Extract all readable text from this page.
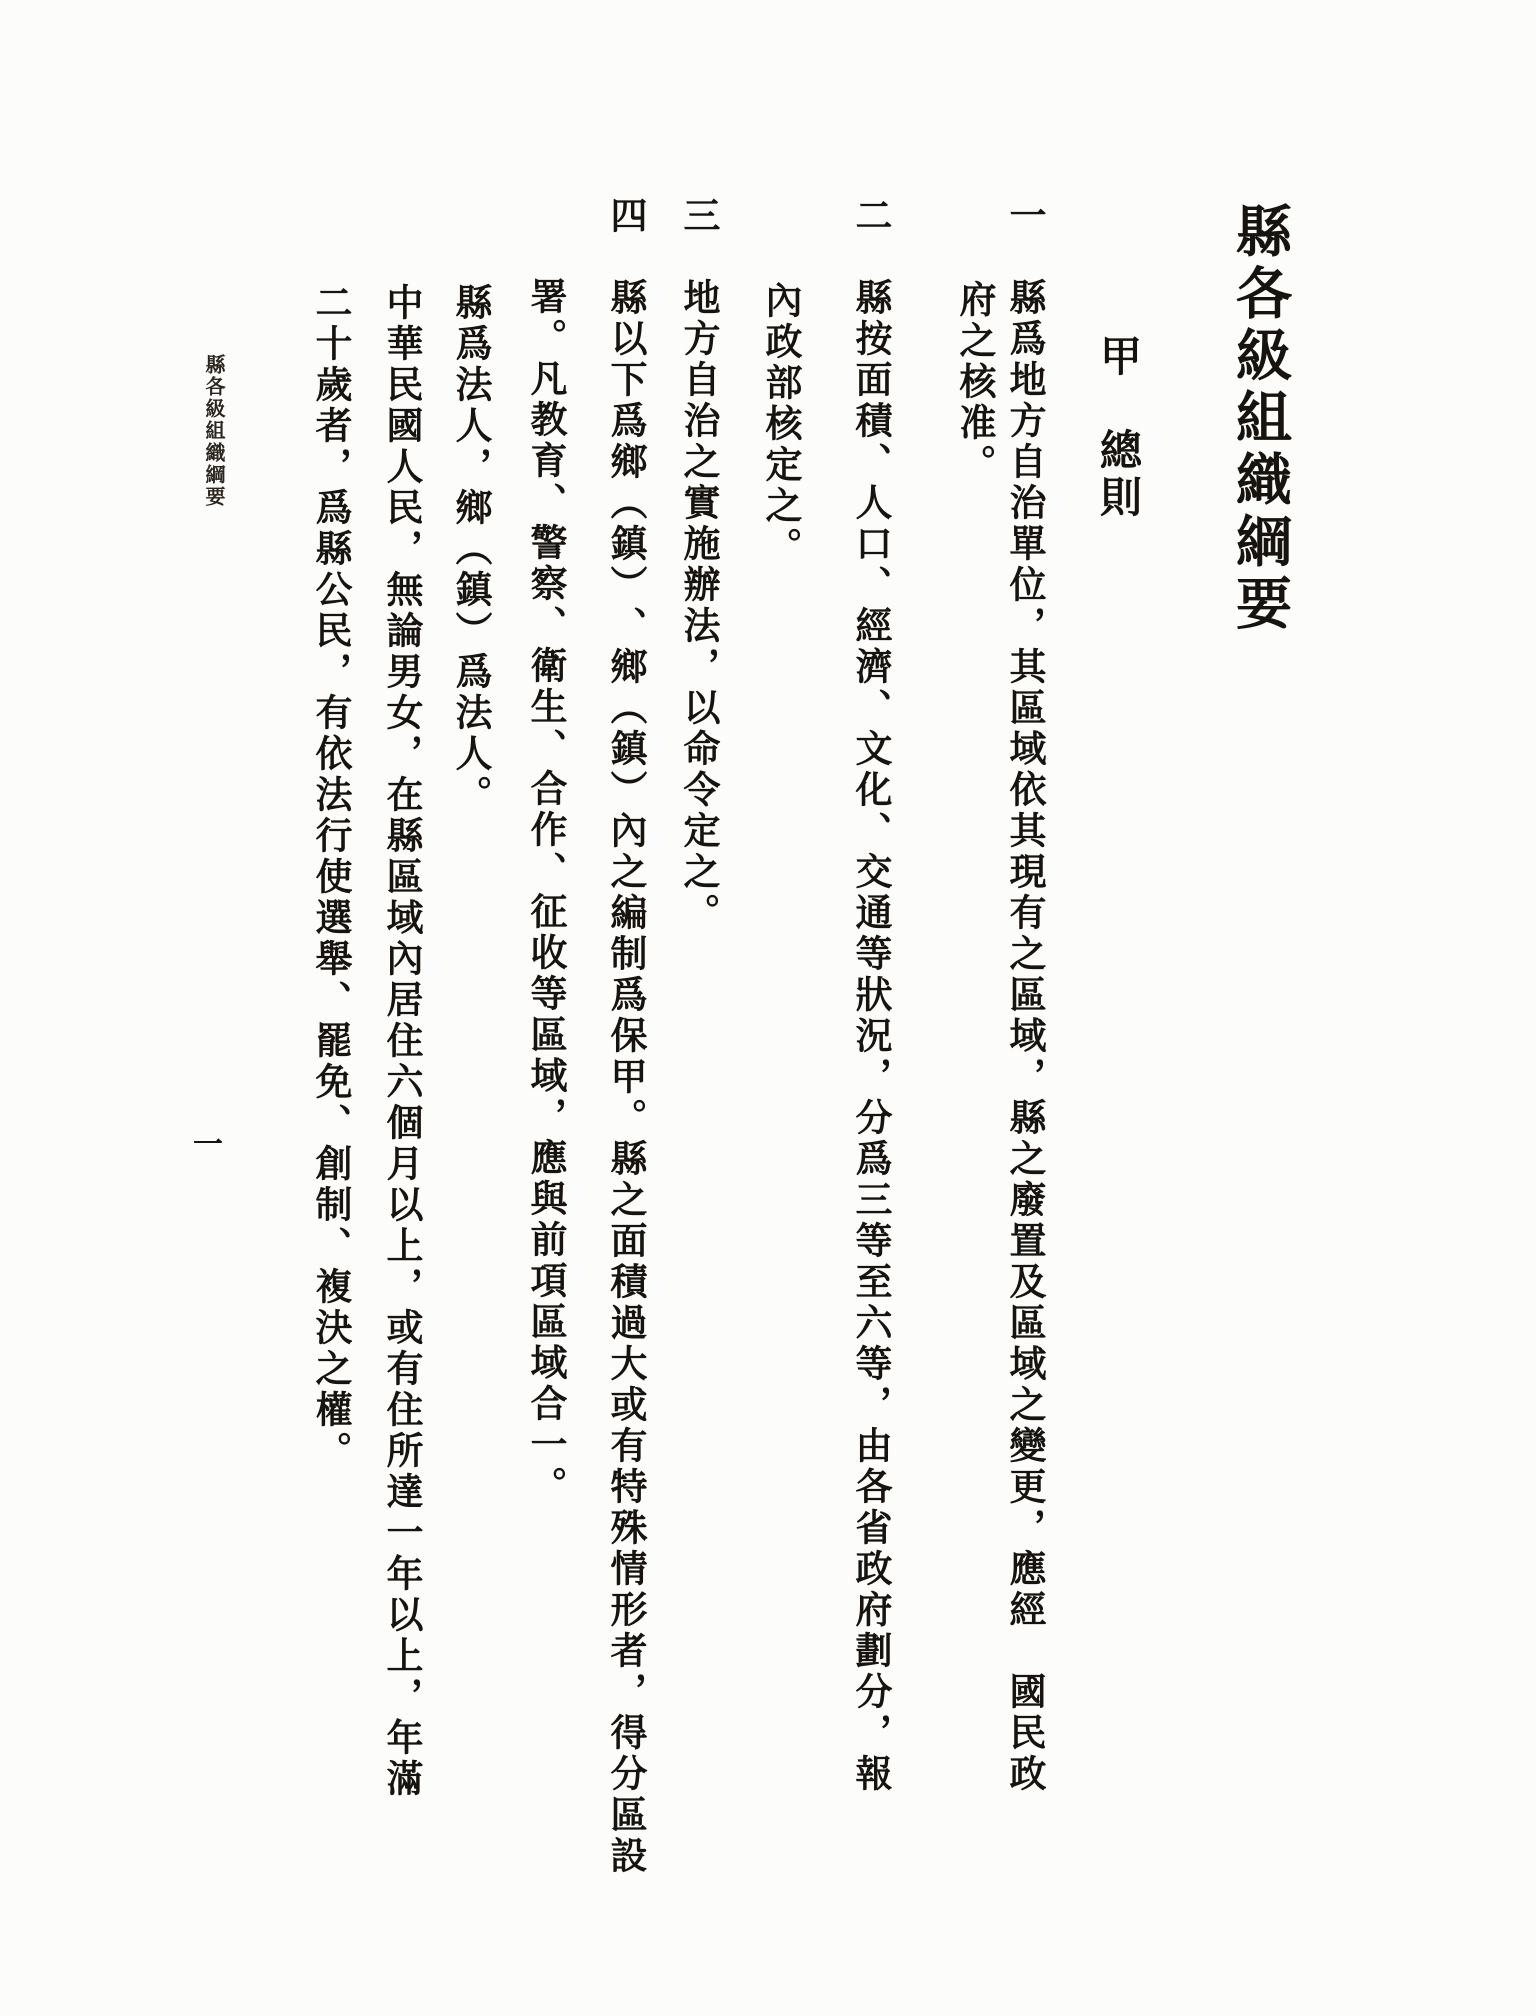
縣各級組織綱要
甲　總則
一　縣爲地方自治單位，其區域依其現有之區域，縣之廢置及區域之變更，應經　國民政
府之核准。
二　縣按面積、人口、經濟、文化、交通等狀況，分爲三等至六等，由各省政府劃分，報
內政部核定之。
三　地方自治之實施辦法，以命令定之。
四　縣以下爲鄉︵鎮︶、鄉︵鎮︶內之編制爲保甲。縣之面積過大或有特殊情形者，得分區設
署。凡教育、警察、衛生、合作、征收等區域，應與前項區域合一。
縣爲法人，鄉︵鎮︶爲法人。
中華民國人民，無論男女，在縣區域內居住六個月以上，或有住所達一年以上，年滿
二十歲者，爲縣公民，有依法行使選舉、罷免、創制、複決之權。
縣各級組織綱要
一
